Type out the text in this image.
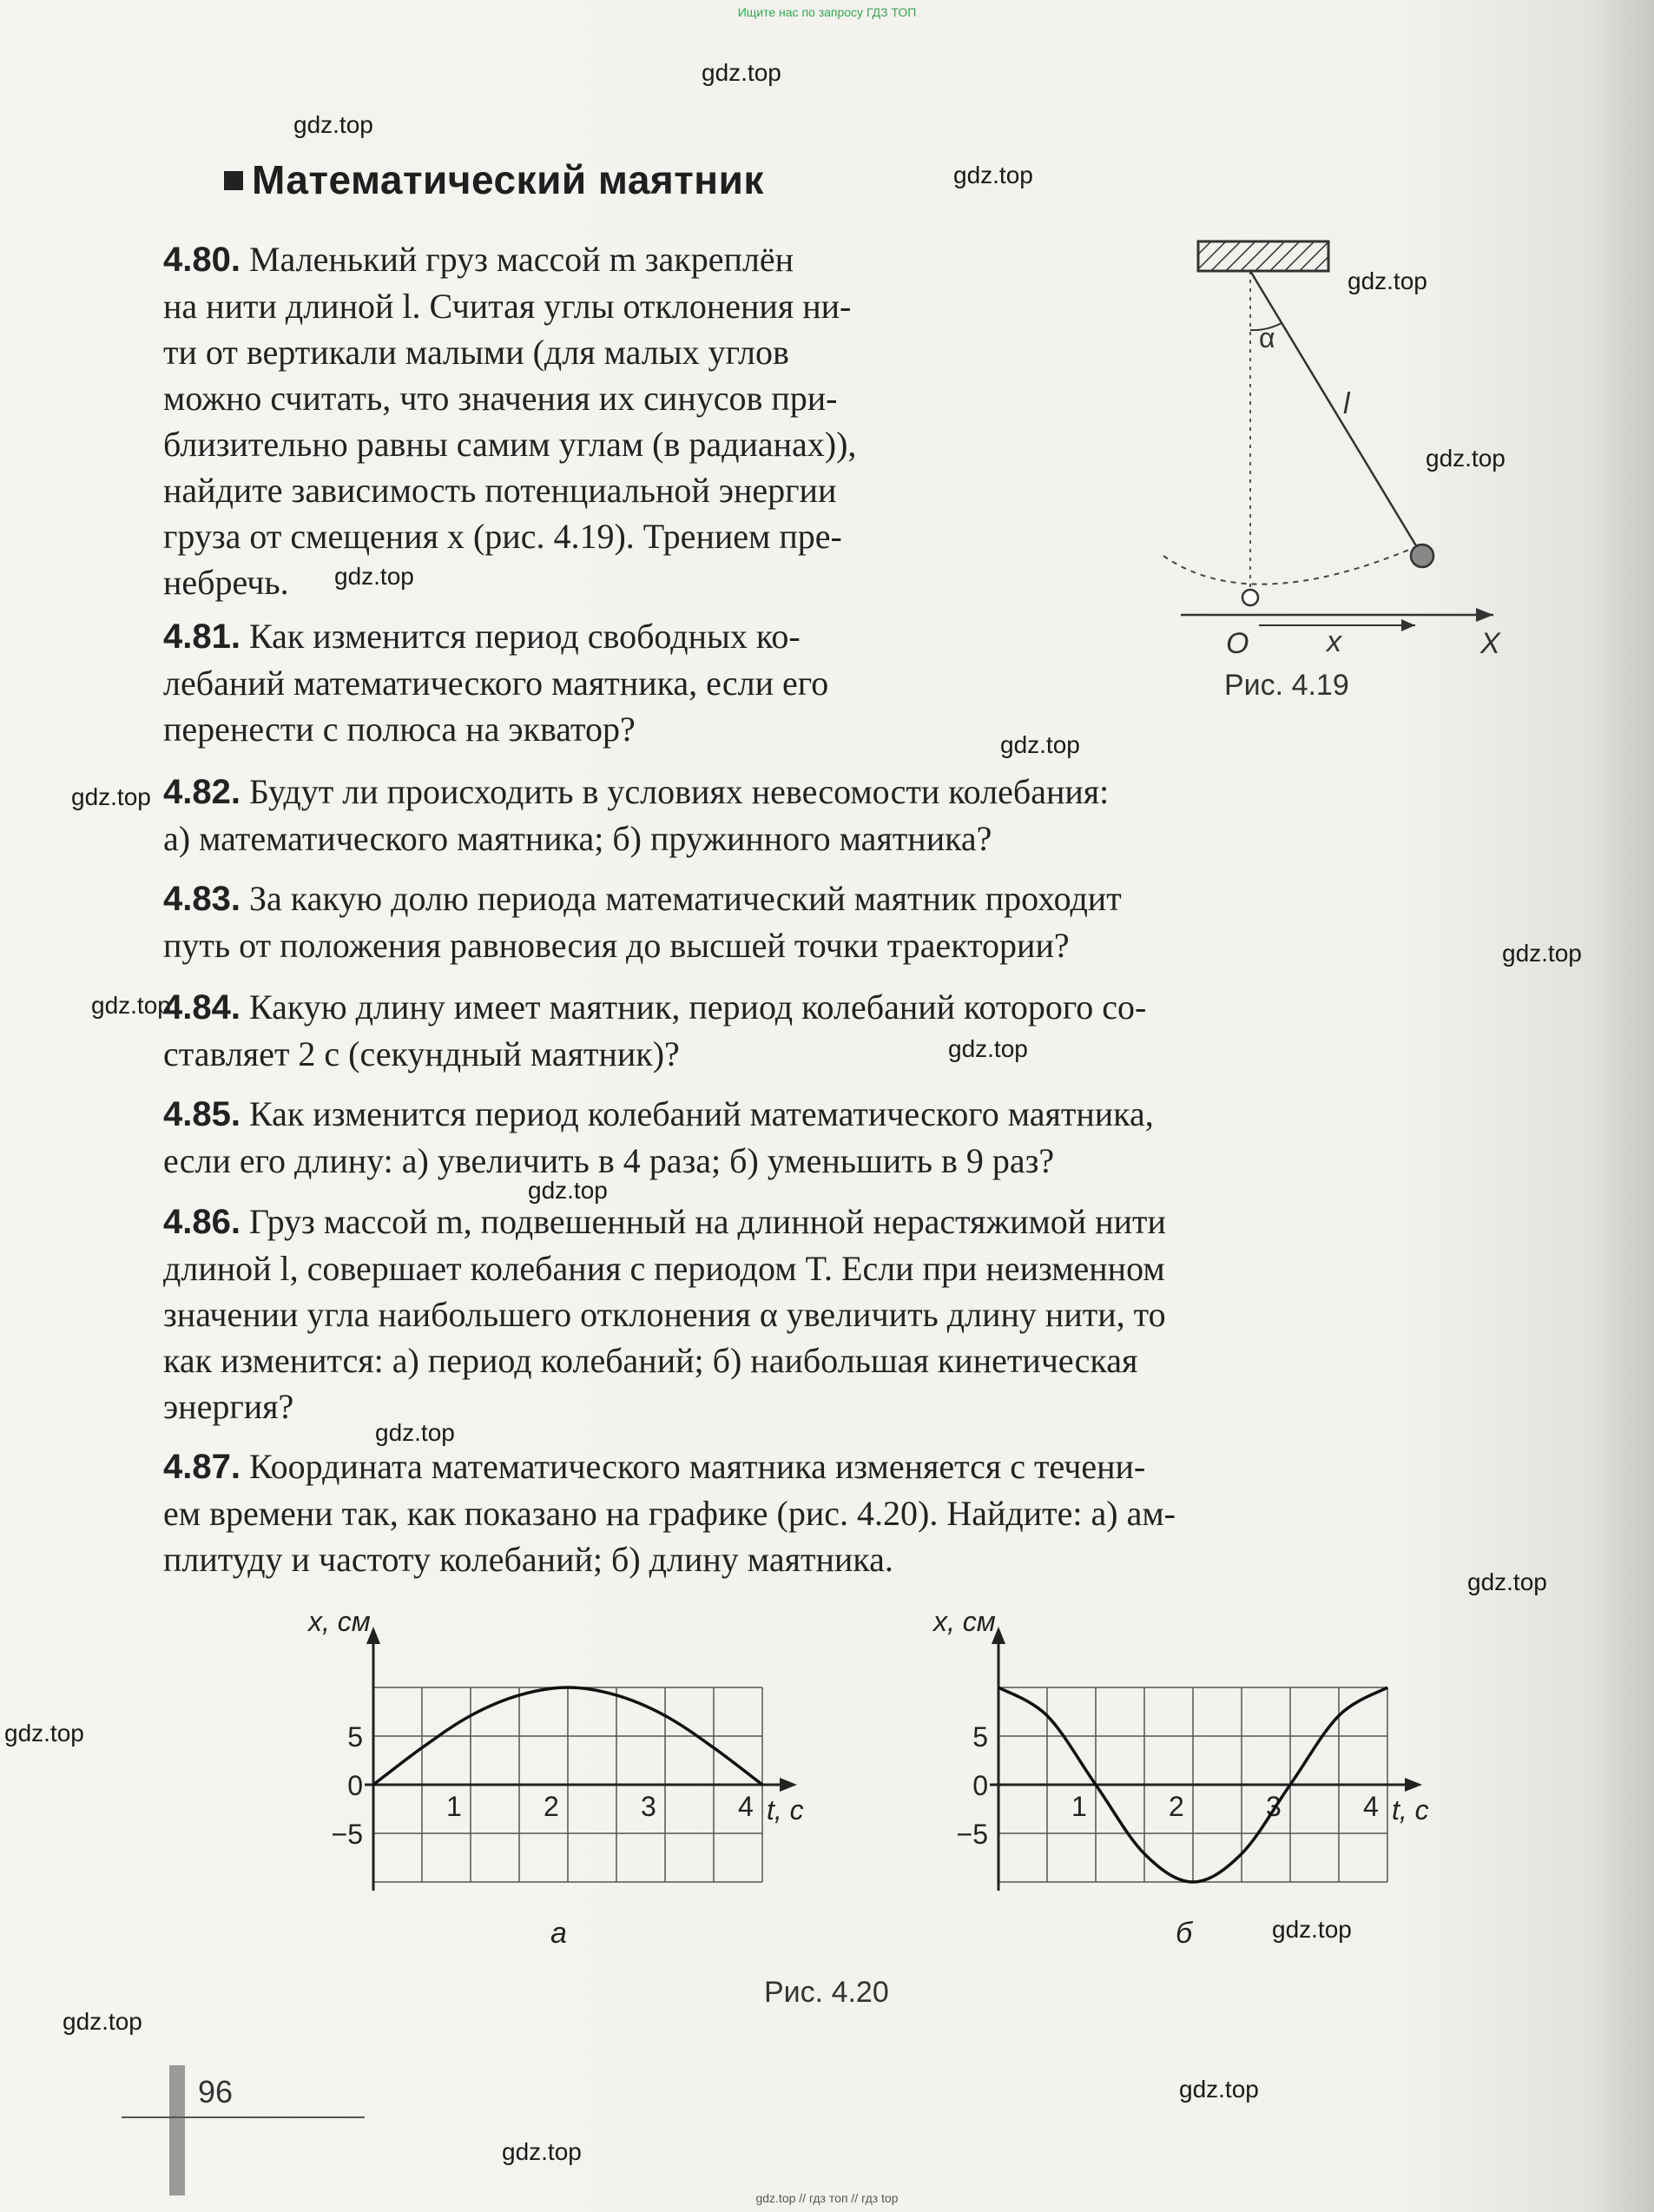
Ищите нас по запросу ГДЗ ТОП
gdz.top
gdz.top
gdz.top
gdz.top
gdz.top
gdz.top
gdz.top
gdz.top
gdz.top
gdz.top
gdz.top
gdz.top
gdz.top
gdz.top
gdz.top
gdz.top
gdz.top
gdz.top
gdz.top
Математический маятник
4.80. Маленький груз массой m закреплён
на нити длиной l. Считая углы отклонения ни-
ти от вертикали малыми (для малых углов
можно считать, что значения их синусов при-
близительно равны самим углам (в радианах)),
найдите зависимость потенциальной энергии
груза от смещения x (рис. 4.19). Трением пре-
небречь.
4.81. Как изменится период свободных ко-
лебаний математического маятника, если его
перенести с полюса на экватор?
4.82. Будут ли происходить в условиях невесомости колебания:
а) математического маятника; б) пружинного маятника?
4.83. За какую долю периода математический маятник проходит
путь от положения равновесия до высшей точки траектории?
4.84. Какую длину имеет маятник, период колебаний которого со-
ставляет 2 с (секундный маятник)?
4.85. Как изменится период колебаний математического маятника,
если его длину: а) увеличить в 4 раза; б) уменьшить в 9 раз?
4.86. Груз массой m, подвешенный на длинной нерастяжимой нити
длиной l, совершает колебания с периодом T. Если при неизменном
значении угла наибольшего отклонения α увеличить длину нити, то
как изменится: а) период колебаний; б) наибольшая кинетическая
энергия?
4.87. Координата математического маятника изменяется с течени-
ем времени так, как показано на графике (рис. 4.20). Найдите: а) ам-
плитуду и частоту колебаний; б) длину маятника.
α
l
O	x	X
Рис. 4.19
x, см
t, с
5
0
−5
1	2	3	4
а
x, см
t, с
5
0
−5
1	2	3	4
б
Рис. 4.20
96
gdz.top // гдз топ // гдз top
